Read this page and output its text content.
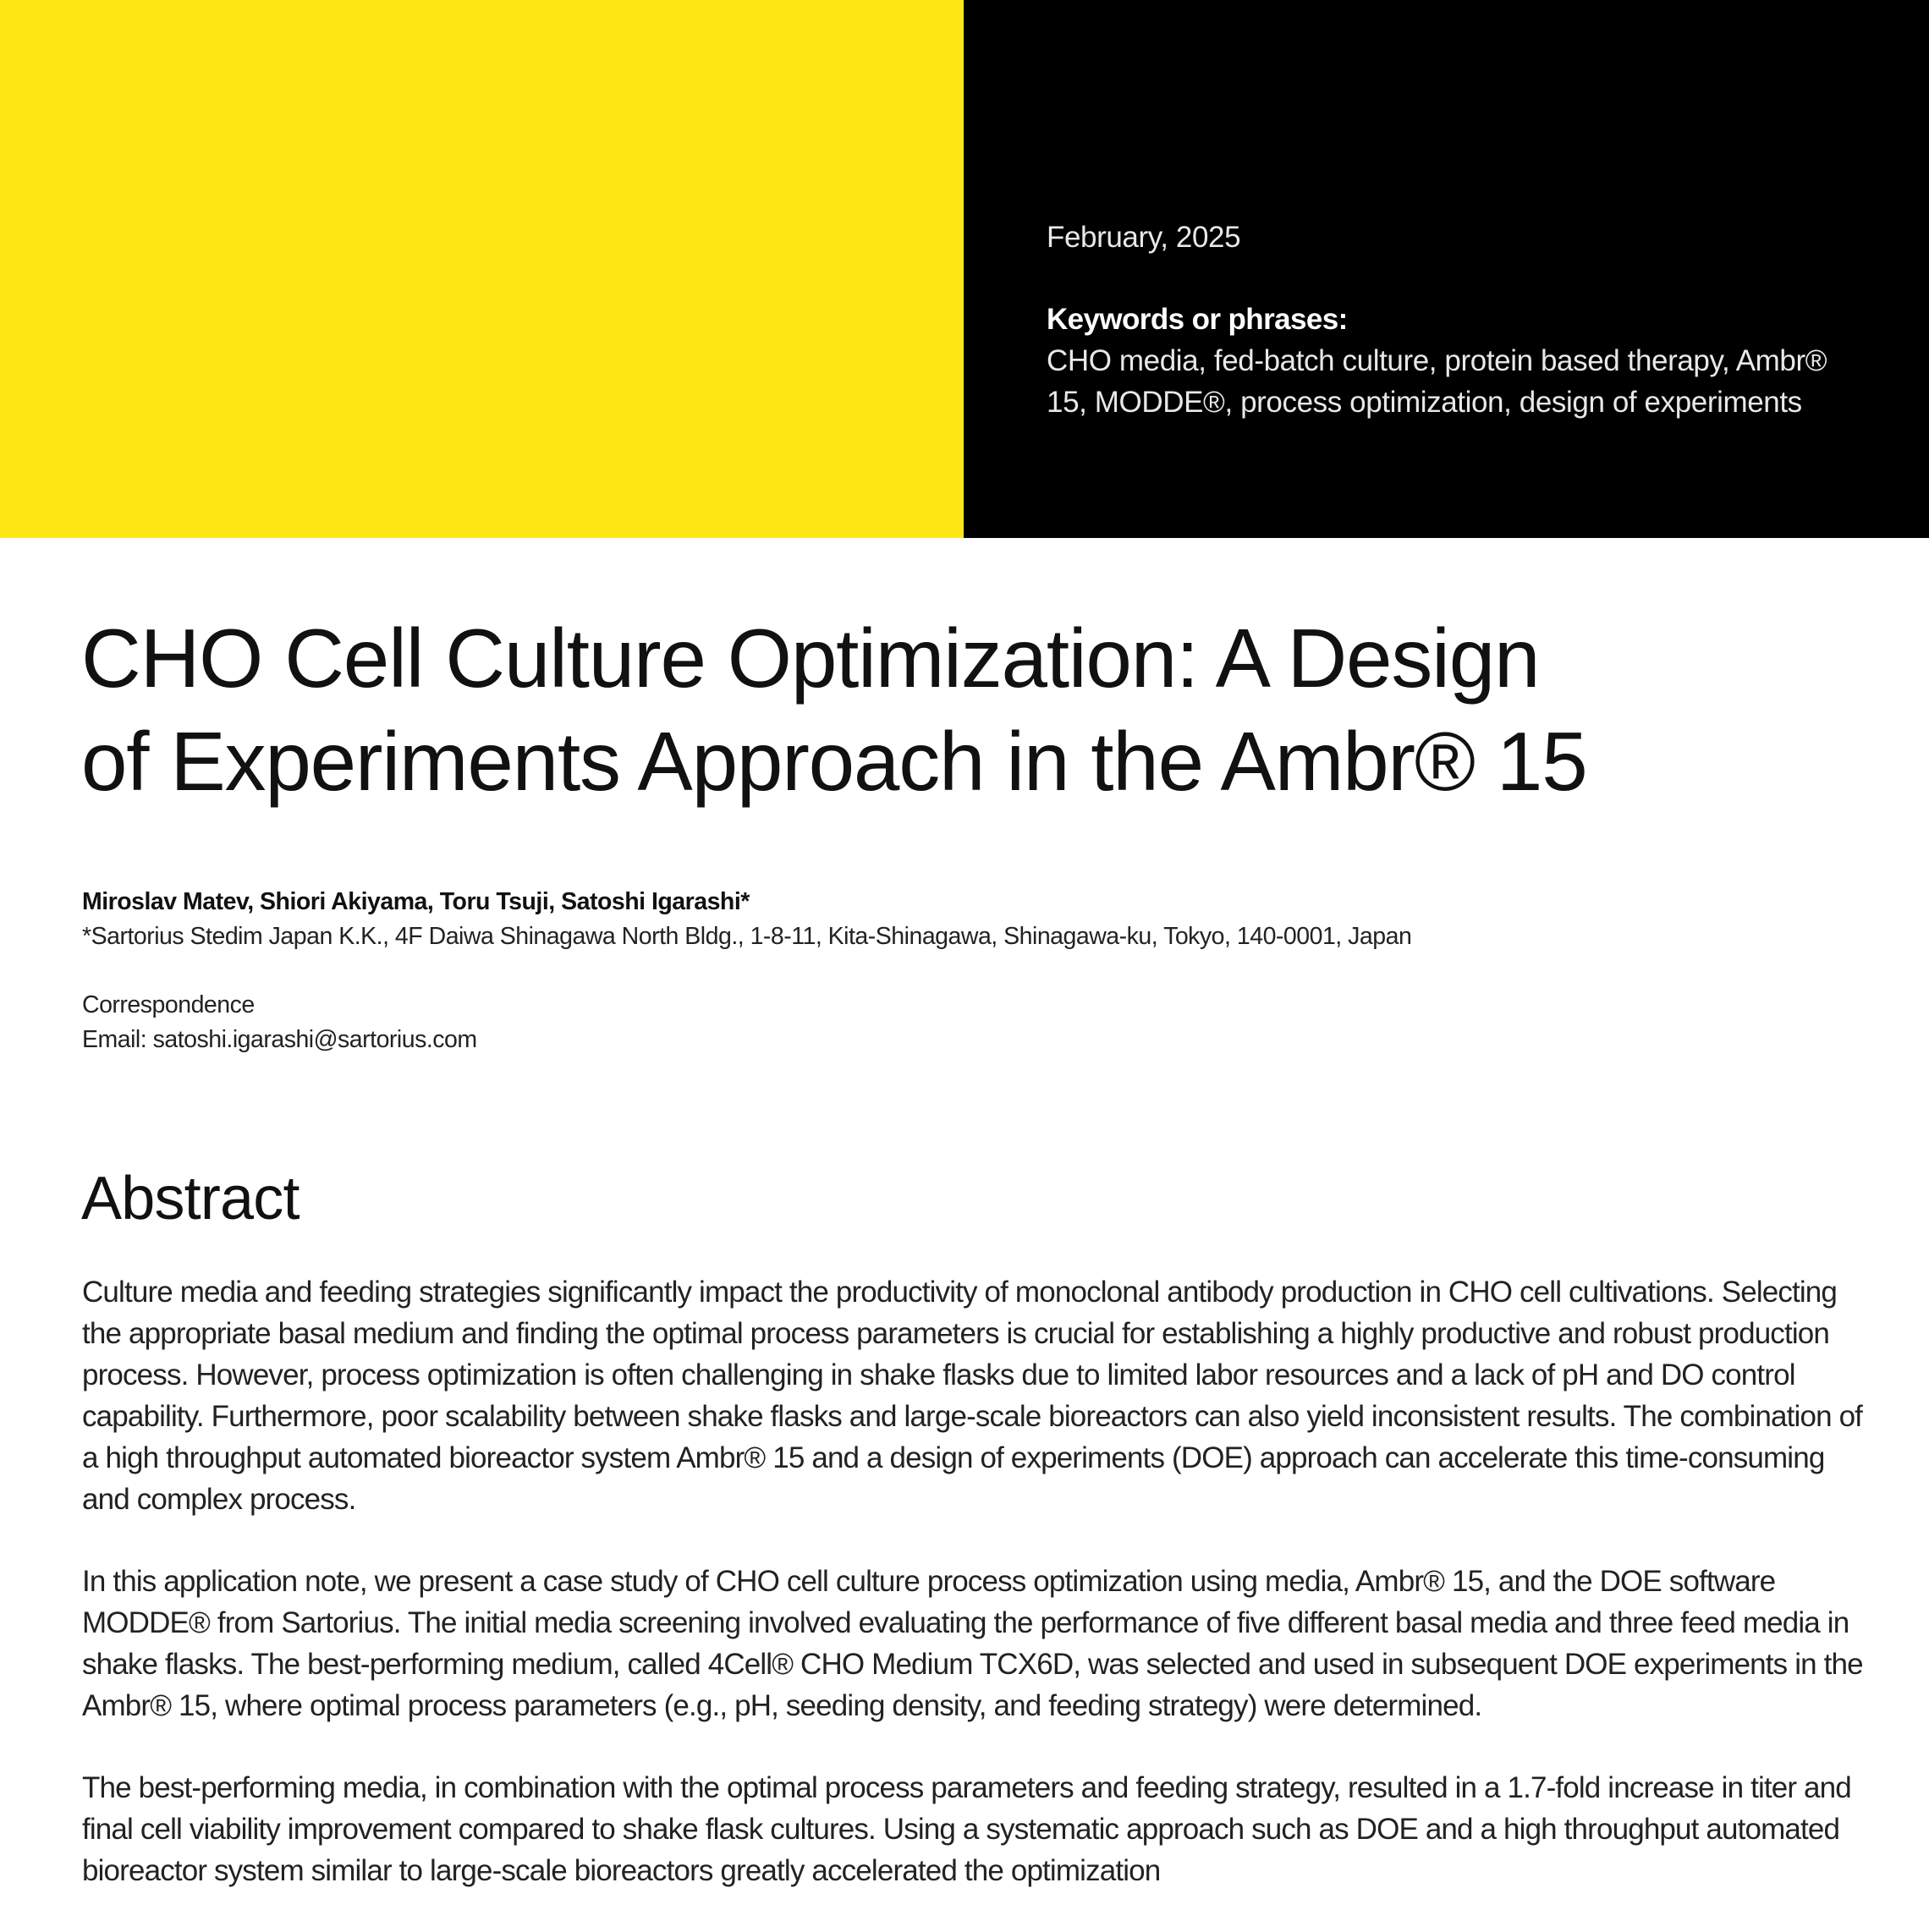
February, 2025
Keywords or phrases:
CHO media, fed-batch culture, protein based therapy, Ambr® 15, MODDE®, process optimization, design of experiments
CHO Cell Culture Optimization: A Design
of Experiments Approach in the Ambr® 15
Miroslav Matev, Shiori Akiyama, Toru Tsuji, Satoshi Igarashi*
*Sartorius Stedim Japan K.K., 4F Daiwa Shinagawa North Bldg., 1-8-11, Kita-Shinagawa, Shinagawa-ku, Tokyo, 140-0001, Japan
Correspondence
Email: satoshi.igarashi@sartorius.com
Abstract

Culture media and feeding strategies significantly impact the productivity of monoclonal antibody production in CHO cell cultivations. Selecting the appropriate basal medium and finding the optimal process parameters is crucial for establishing a highly productive and robust production process. However, process optimization is often challenging in shake flasks due to limited labor resources and a lack of pH and DO control capability. Furthermore, poor scalability between shake flasks and large-scale bioreactors can also yield inconsistent results. The combination of a high throughput automated bioreactor system Ambr® 15 and a design of experiments (DOE) approach can accelerate this time-consuming and complex process.

In this application note, we present a case study of CHO cell culture process optimization using media, Ambr® 15, and the DOE software MODDE® from Sartorius. The initial media screening involved evaluating the performance of five different basal media and three feed media in shake flasks. The best-performing medium, called 4Cell® CHO Medium TCX6D, was selected and used in subsequent DOE experiments in the Ambr® 15, where optimal process parameters (e.g., pH, seeding density, and feeding strategy) were determined.

The best-performing media, in combination with the optimal process parameters and feeding strategy, resulted in a 1.7-fold increase in titer and final cell viability improvement compared to shake flask cultures. Using a systematic approach such as DOE and a high throughput automated bioreactor system similar to large-scale bioreactors greatly accelerated the optimization
